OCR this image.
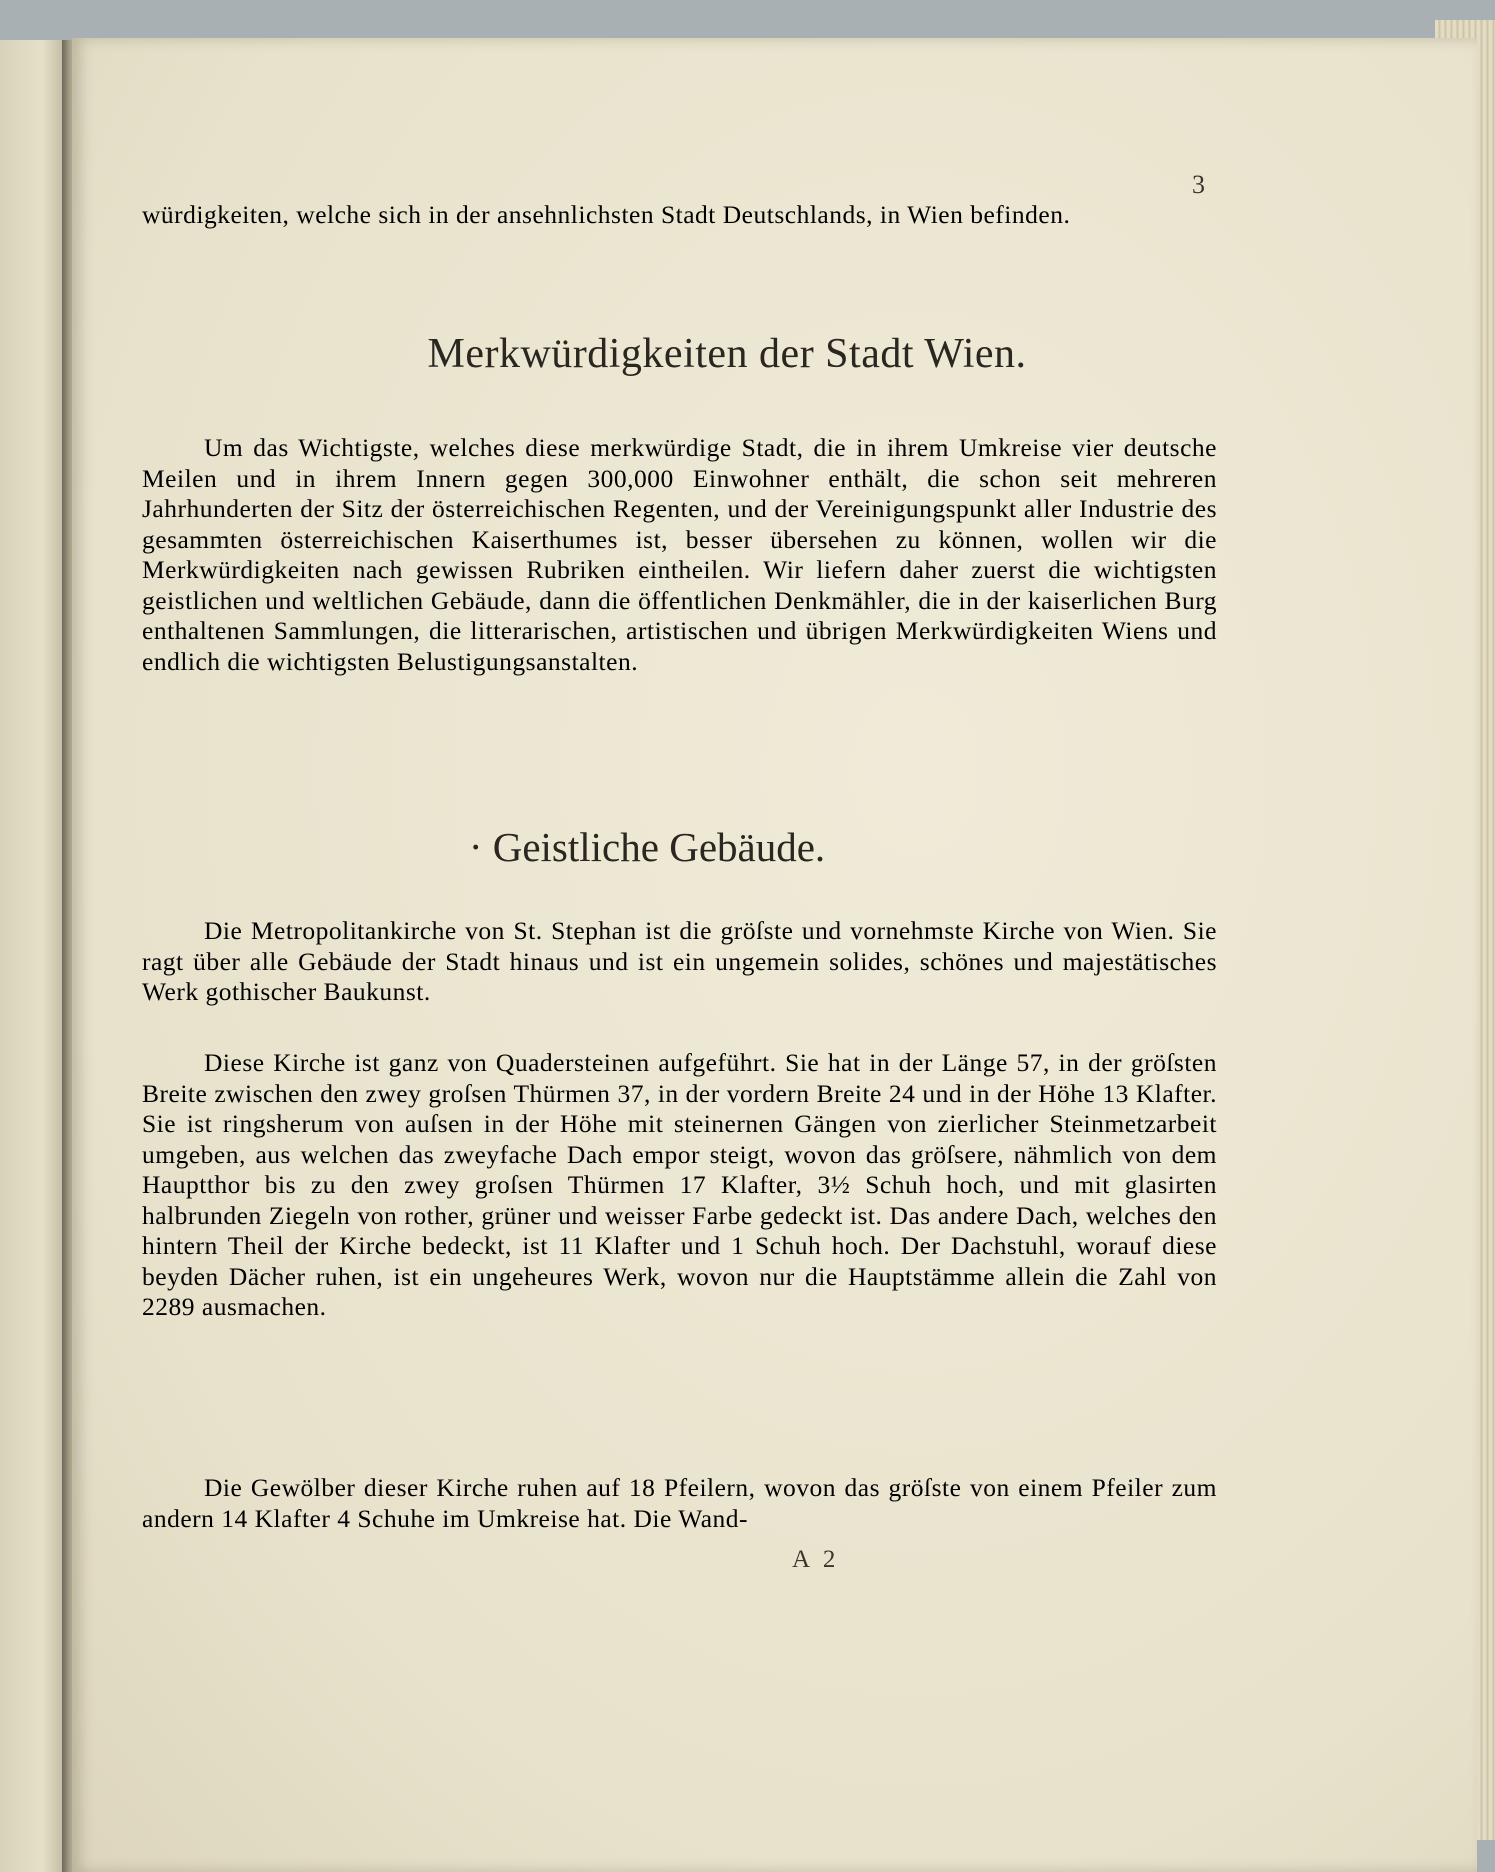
3

würdigkeiten, welche sich in der ansehnlichsten Stadt Deutschlands, in Wien befinden.

Merkwürdigkeiten der Stadt Wien.

Um das Wichtigste, welches diese merkwürdige Stadt, die in ihrem Umkreise vier deutsche Meilen und in ihrem Innern gegen 300,000 Einwohner enthält, die schon seit mehreren Jahrhunderten der Sitz der österreichischen Regenten, und der Vereinigungspunkt aller Industrie des gesammten österreichischen Kaiserthumes ist, besser übersehen zu können, wollen wir die Merkwürdigkeiten nach gewissen Rubriken eintheilen. Wir liefern daher zuerst die wichtigsten geistlichen und weltlichen Gebäude, dann die öffentlichen Denkmähler, die in der kaiserlichen Burg enthaltenen Sammlungen, die litterarischen, artistischen und übrigen Merkwürdigkeiten Wiens und endlich die wichtigsten Belustigungsanstalten.

· Geistliche Gebäude.

Die Metropolitankirche von St. Stephan ist die gröſste und vornehmste Kirche von Wien. Sie ragt über alle Gebäude der Stadt hinaus und ist ein ungemein solides, schönes und majestätisches Werk gothischer Baukunst.

Diese Kirche ist ganz von Quadersteinen aufgeführt. Sie hat in der Länge 57, in der gröſsten Breite zwischen den zwey groſsen Thürmen 37, in der vordern Breite 24 und in der Höhe 13 Klafter. Sie ist ringsherum von auſsen in der Höhe mit steinernen Gängen von zierlicher Steinmetzarbeit umgeben, aus welchen das zweyfache Dach empor steigt, wovon das gröſsere, nähmlich von dem Hauptthor bis zu den zwey groſsen Thürmen 17 Klafter, 3½ Schuh hoch, und mit glasirten halbrunden Ziegeln von rother, grüner und weisser Farbe gedeckt ist. Das andere Dach, welches den hintern Theil der Kirche bedeckt, ist 11 Klafter und 1 Schuh hoch. Der Dachstuhl, worauf diese beyden Dächer ruhen, ist ein ungeheures Werk, wovon nur die Hauptstämme allein die Zahl von 2289 ausmachen.

Die Gewölber dieser Kirche ruhen auf 18 Pfeilern, wovon das gröſste von einem Pfeiler zum andern 14 Klafter 4 Schuhe im Umkreise hat. Die Wand-

A 2
